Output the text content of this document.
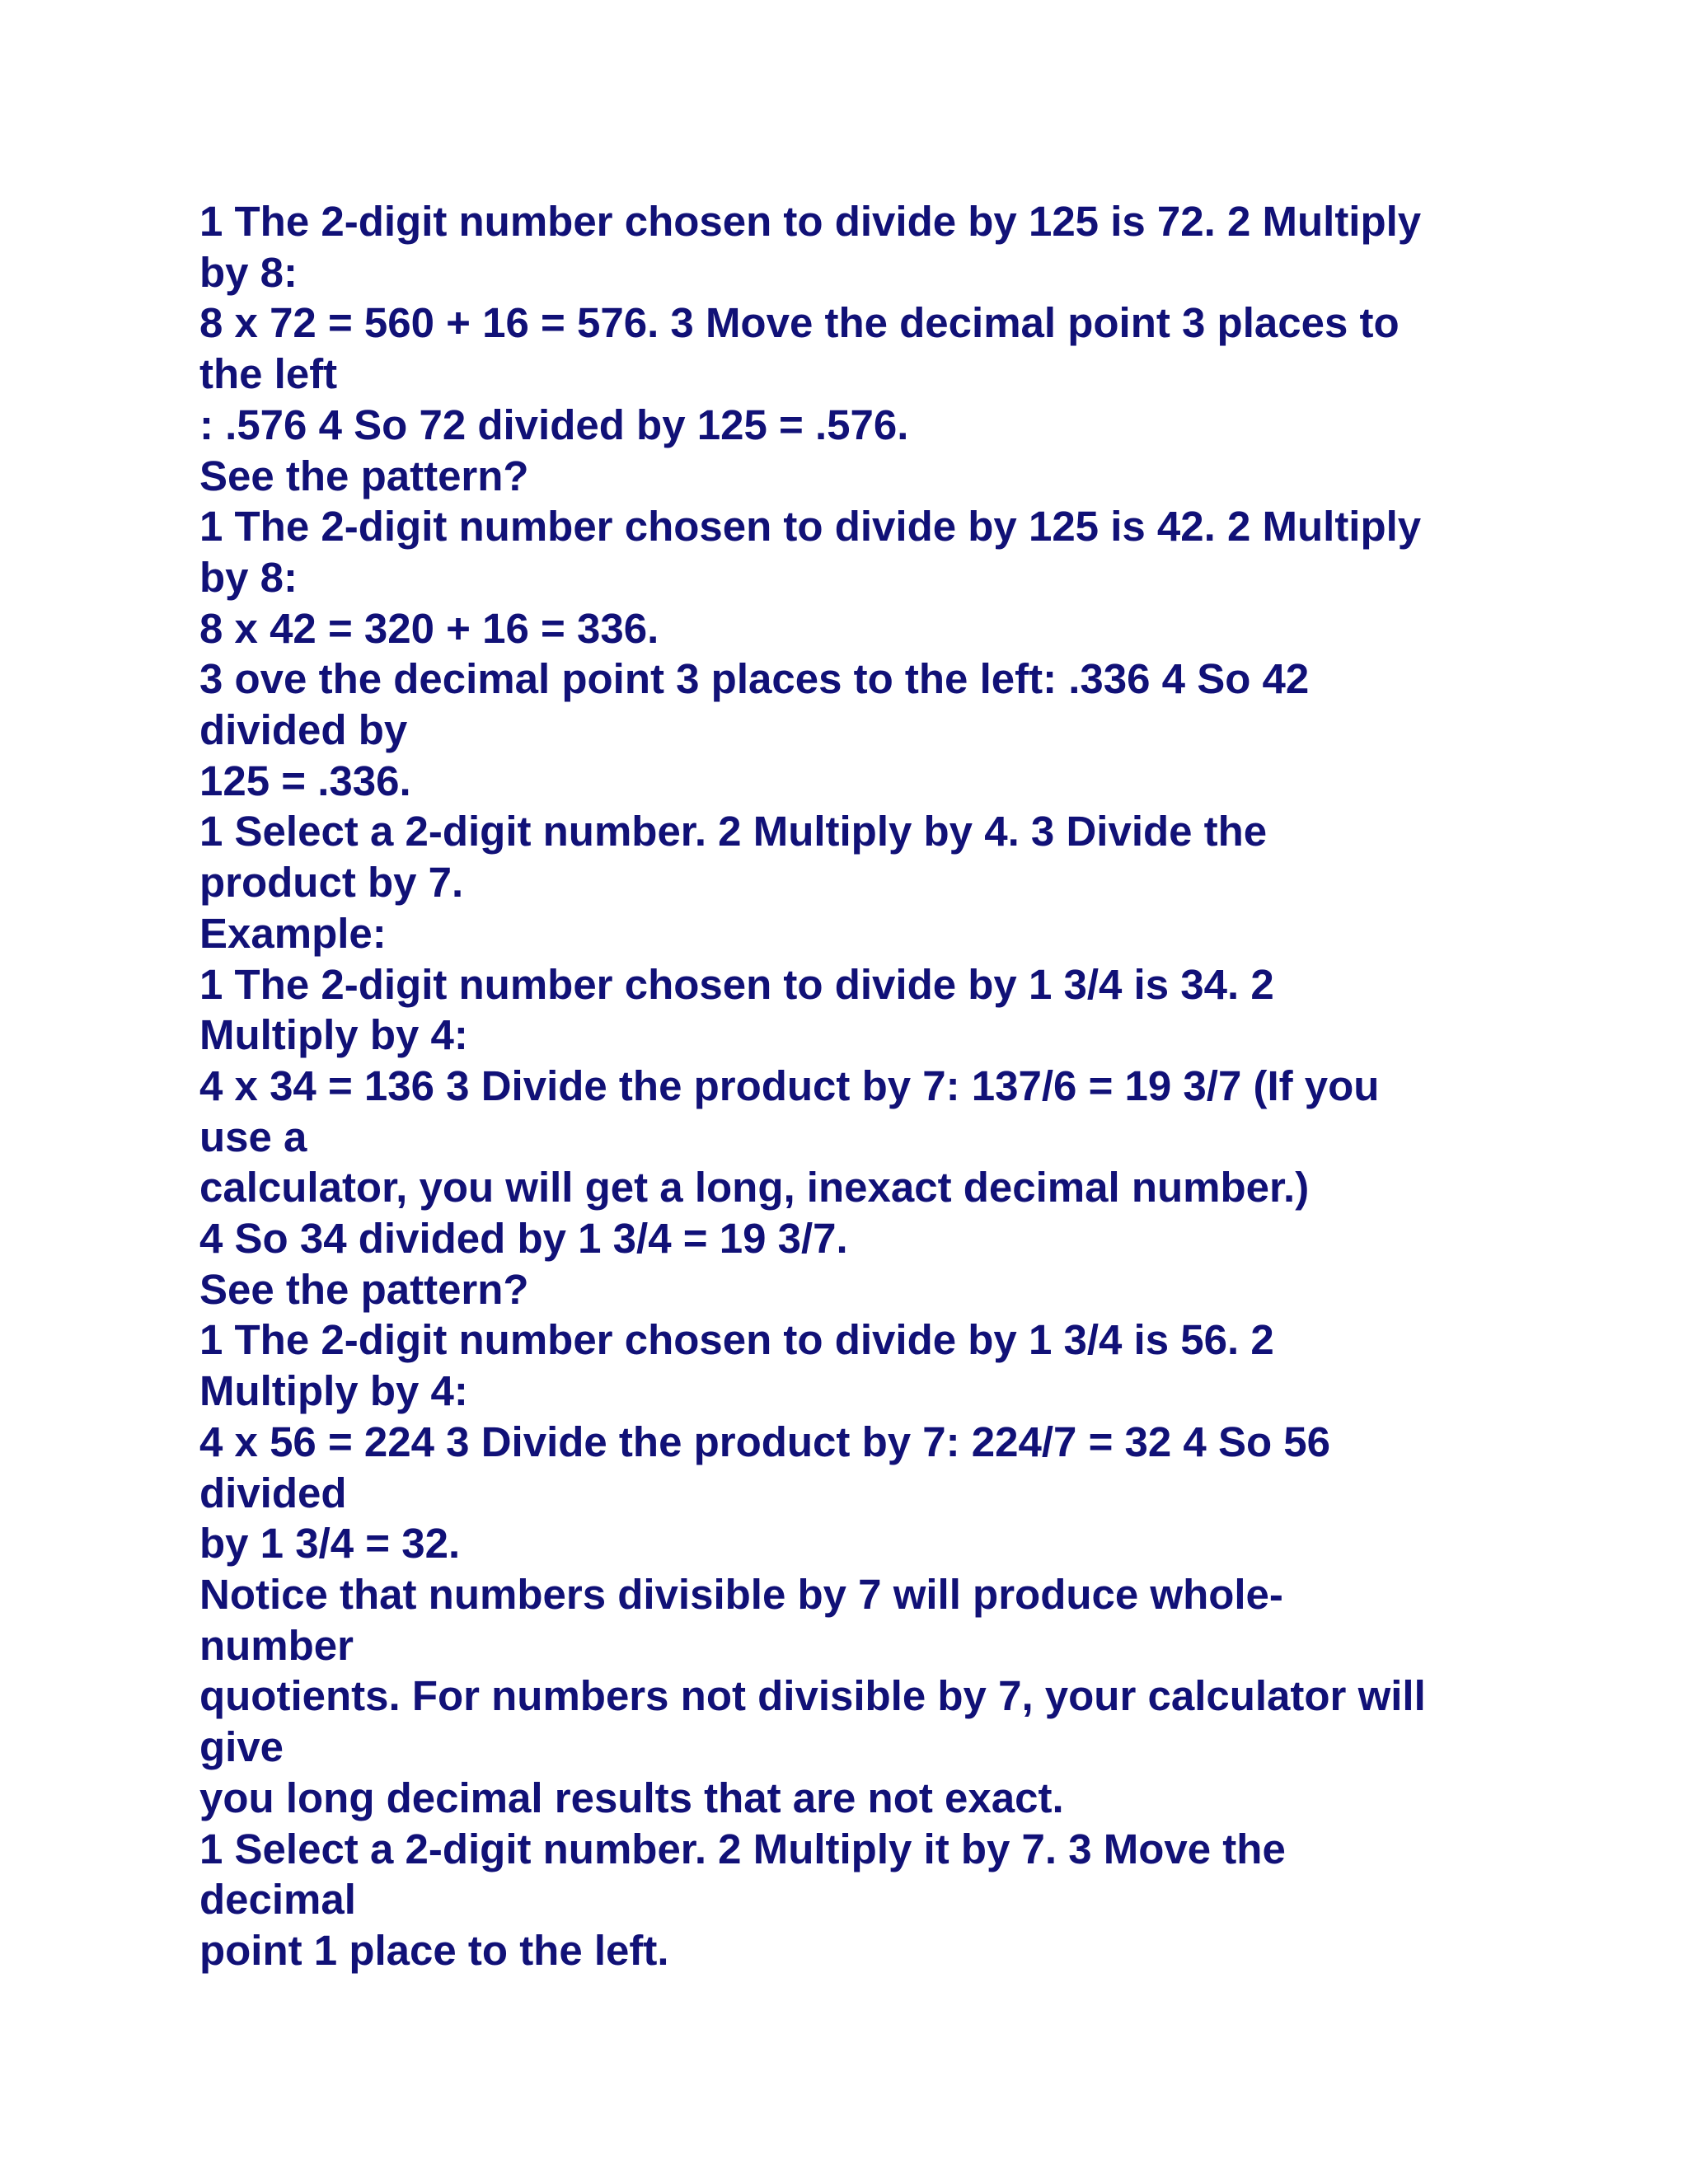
1 The 2-digit number chosen to divide by 125 is 72. 2 Multiply
by 8:
8 x 72 = 560 + 16 = 576. 3 Move the decimal point 3 places to
the left
: .576 4 So 72 divided by 125 = .576.
See the pattern?
1 The 2-digit number chosen to divide by 125 is 42. 2 Multiply
by 8:
8 x 42 = 320 + 16 = 336.
3 ove the decimal point 3 places to the left: .336 4 So 42
divided by
125 = .336.
1 Select a 2-digit number. 2 Multiply by 4. 3 Divide the
product by 7.
Example:
1 The 2-digit number chosen to divide by 1 3/4 is 34. 2
Multiply by 4:
4 x 34 = 136 3 Divide the product by 7: 137/6 = 19 3/7 (If you
use a
calculator, you will get a long, inexact decimal number.)
4 So 34 divided by 1 3/4 = 19 3/7.
See the pattern?
1 The 2-digit number chosen to divide by 1 3/4 is 56. 2
Multiply by 4:
4 x 56 = 224 3 Divide the product by 7: 224/7 = 32 4 So 56
divided
by 1 3/4 = 32.
Notice that numbers divisible by 7 will produce whole-
number
quotients. For numbers not divisible by 7, your calculator will
give
you long decimal results that are not exact.
1 Select a 2-digit number. 2 Multiply it by 7. 3 Move the
decimal
point 1 place to the left.
